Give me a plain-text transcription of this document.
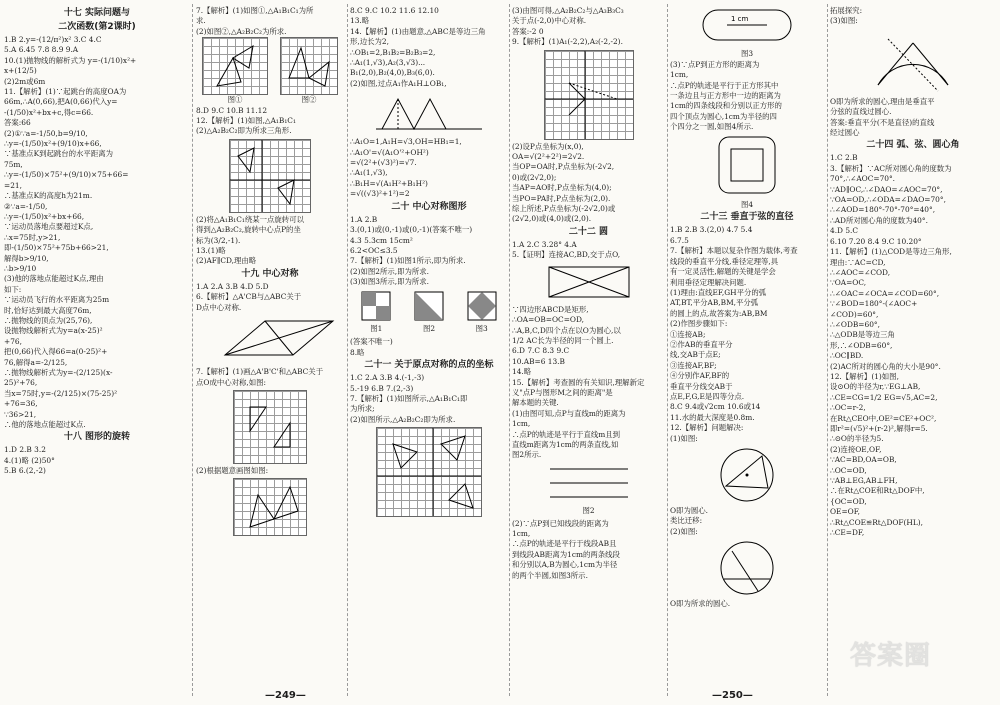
十七 实际问题与
二次函数(第2课时)
1.B 2.y=-(12/π²)x² 3.C 4.C
5.A 6.45 7.8 8.9 9.A
10.(1)抛物线的解析式为 y=-(1/10)x²+
x+(12/5)
(2)2m或6m
11.【解析】(1)∵起跳台的高度OA为
66m,∴A(0,66),把A(0,66)代入y=
-(1/50)x²+bx+c,得c=66.
答案:66
(2)①∵a=-1/50,b=9/10,
∴y=-(1/50)x²+(9/10)x+66,
∵基准点K到起跳台的水平距离为
75m,
∴y=-(1/50)×75²+(9/10)×75+66=
=21,
∴基准点K的高度h为21m.
②∵a=-1/50,
∴y=-(1/50)x²+bx+66,
∵运动员落地点要超过K点,
∴x=75时,y>21,
即-(1/50)×75²+75b+66>21,
解得b>9/10,
∴b>9/10
(3)他的落地点能超过K点,理由
如下:
∵运动员飞行的水平距离为25m
时,恰好达到最大高度76m,
∴抛物线的顶点为(25,76),
设抛物线解析式为y=a(x-25)²
+76,
把(0,66)代入得66=a(0-25)²+
76,解得a=-2/125,
∴抛物线解析式为y=-(2/125)(x-
25)²+76,
当x=75时,y=-(2/125)×(75-25)²
+76=36,
∵36>21,
∴他的落地点能超过K点.
十八 图形的旋转
1.D 2.B 3.2
4.(1)略 (2)50°
5.B 6.(2,-2)
7.【解析】(1)如图①,△A₁B₁C₁为所
求.
(2)如图②,△A₂B₂C₂为所求.
图①	图②
8.D 9.C 10.B 11.12
12.【解析】(1)如图,△A₁B₁C₁
(2)△A₂B₂C₂即为所求三角形.
(2)将△A₁B₁C₁绕某一点旋转可以
得到△A₂B₂C₂,旋转中心点P的坐
标为(3/2,-1).
13.(1)略
(2)AF∥CD,理由略
十九 中心对称
1.A 2.A 3.B 4.D 5.D
6.【解析】△A'CB与△ABC关于
D点中心对称.
7.【解析】(1)画△A'B'C'和△ABC关于
点O成中心对称,如图:
(2)根据题意画图如图:
8.C 9.C 10.2 11.6 12.10
13.略
14.【解析】(1)由题意,△ABC是等边三角
形,边长为2,
∴OB₁=2,B₁B₂=B₂B₃=2,
∴A₁(1,√3),A₂(3,√3)...
B₁(2,0),B₂(4,0),B₃(6,0).
(2)如图,过点A₁作A₁H⊥OB₁,
∴A₁O=1,A₁H=√3,OH=HB₁=1,
∴A₁O'=√(A₁O'²+OH²)
=√(2²+(√3)²)=√7.
∴A₁(1,√3),
∴B₁H=√(A₁H²+B₁H²)
=√((√3)²+1²)=2
二十 中心对称图形
1.A 2.B
3.(0,1)或(0,-1)或(0,-1)(答案不唯一)
4.3 5.3cm 15cm²
6.2<OC≤3.5
7.【解析】(1)如图1所示,即为所求.
(2)如图2所示,即为所求.
(3)如图3所示,即为所求.
图1	图2	图3
(答案不唯一)
8.略
二十一 关于原点对称的点的坐标
1.C 2.A 3.B 4.(-1,-3)
5.-19 6.B 7.(2,-3)
7.【解析】(1)如图所示,△A₁B₁C₁即
为所求;
(2)如图所示,△A₂B₂C₂即为所求.
(3)由图可得,△A₂B₂C₂与△A₃B₃C₃
关于点(-2,0)中心对称.
答案:-2 0
9.【解析】(1)A₁(-2,2),A₂(-2,-2).
(2)设P点坐标为(x,0),
OA=√(2²+2²)=2√2.
当OP=OA时,P点坐标为(-2√2,
0)或(2√2,0);
当AP=AO时,P点坐标为(4,0);
当PO=PA时,P点坐标为(2,0).
综上所述,P点坐标为(-2√2,0)或
(2√2,0)或(4,0)或(2,0).
二十二 圆
1.A 2.C 3.28° 4.A
5.【证明】连接AC,BD,交于点O,
∵四边形ABCD是矩形,
∴OA=OB=OC=OD,
∴A,B,C,D四个点在以O为圆心,以
1/2 AC长为半径的同一个圆上.
6.D 7.C 8.3 9.C
10.AB=6 13.B
14.略
15.【解析】考查圆的有关知识,理解新定
义"点P与图形M之间的距离"是
解本题的关键.
(1)由图可知,点P与直线m的距离为
1cm,
∴点P的轨迹是平行于直线m且到
直线m距离为1cm的两条直线,如
图2所示.
图2
(2)∵点P到已知线段的距离为
1cm,
∴点P的轨迹是平行于线段AB且
到线段AB距离为1cm的两条线段
和分别以A,B为圆心,1cm为半径
的两个半圆,如图3所示.
1 cm
图3
(3)∵点P到正方形的距离为
1cm,
∴点P的轨迹是平行于正方形其中
一条边且与正方形中一边的距离为
1cm的四条线段和分别以正方形的
四个顶点为圆心,1cm为半径的四
个四分之一圆,如图4所示.
图4
二十三 垂直于弦的直径
1.B 2.B 3.(2,0) 4.7 5.4
6.7.5
7.【解析】本题以复杂作图为载体,考查
线段的垂直平分线,垂径定理等,具
有一定灵活性,解题的关键是学会
利用垂径定理解决问题.
(1)理由:直线EF,GH平分的弧
AT,BT,平分AB,BM,平分弧
的圆上的点,故答案为:AB,BM
(2)作图步骤如下:
①连接AB;
②作AB的垂直平分
线,交AB于点E;
③连接AF,BF;
④分别作AF,BF的
垂直平分线交AB于
点E,F,G,E是四等分点.
8.C 9.4或√2cm 10.6或14
11.水的最大深度是0.8m.
12.【解析】问题解决:
(1)如图:
O即为圆心.
类比迁移:
(2)如图:
O即为所求的圆心.
拓展探究:
(3)如图:
O即为所求的圆心,理由是垂直平
分弦的直线过圆心.
答案:垂直平分(不是直径)的直线
经过圆心
二十四 弧、弦、圆心角
1.C 2.B
3.【解析】∵AC所对圆心角的度数为
70°,∴∠AOC=70°.
∵AD∥OC,∴∠DAO=∠AOC=70°,
∵OA=OD,∴∠ODA=∠DAO=70°,
∴∠AOD=180°-70°-70°=40°,
∴AD所对圆心角的度数为40°.
4.D 5.C
6.10 7.20 8.4 9.C 10.20°
11.【解析】(1)△COD是等边三角形,
理由:∵AC=CD,
∴∠AOC=∠COD,
∵OA=OC,
∴∠OAC=∠OCA=∠COD=60°,
∵∠BOD=180°-(∠AOC+
∠COD)=60°,
∴∠ODB=60°,
∴△ODB是等边三角
形,∴∠ODB=60°,
∴OC∥BD.
(2)AC所对的圆心角的大小是90°.
12.【解析】(1)如图,
设⊙O的半径为r,∵EG⊥AB,
∴CE=CG=1/2 EG=√5,AC=2,
∴OC=r-2,
在Rt△CEO中,OE²=CE²+OC²,
即r²=(√5)²+(r-2)²,解得r=5.
∴⊙O的半径为5.
(2)连接OE,OF,
∵AC=BD,OA=OB,
∴OC=OD,
∵AB⊥EG,AB⊥FH,
∴在Rt△COE和Rt△DOF中,
{OC=OD,
OE=OF,
∴Rt△COE≌Rt△DOF(HL),
∴CE=DF,
答案圈
—249—	—250—
